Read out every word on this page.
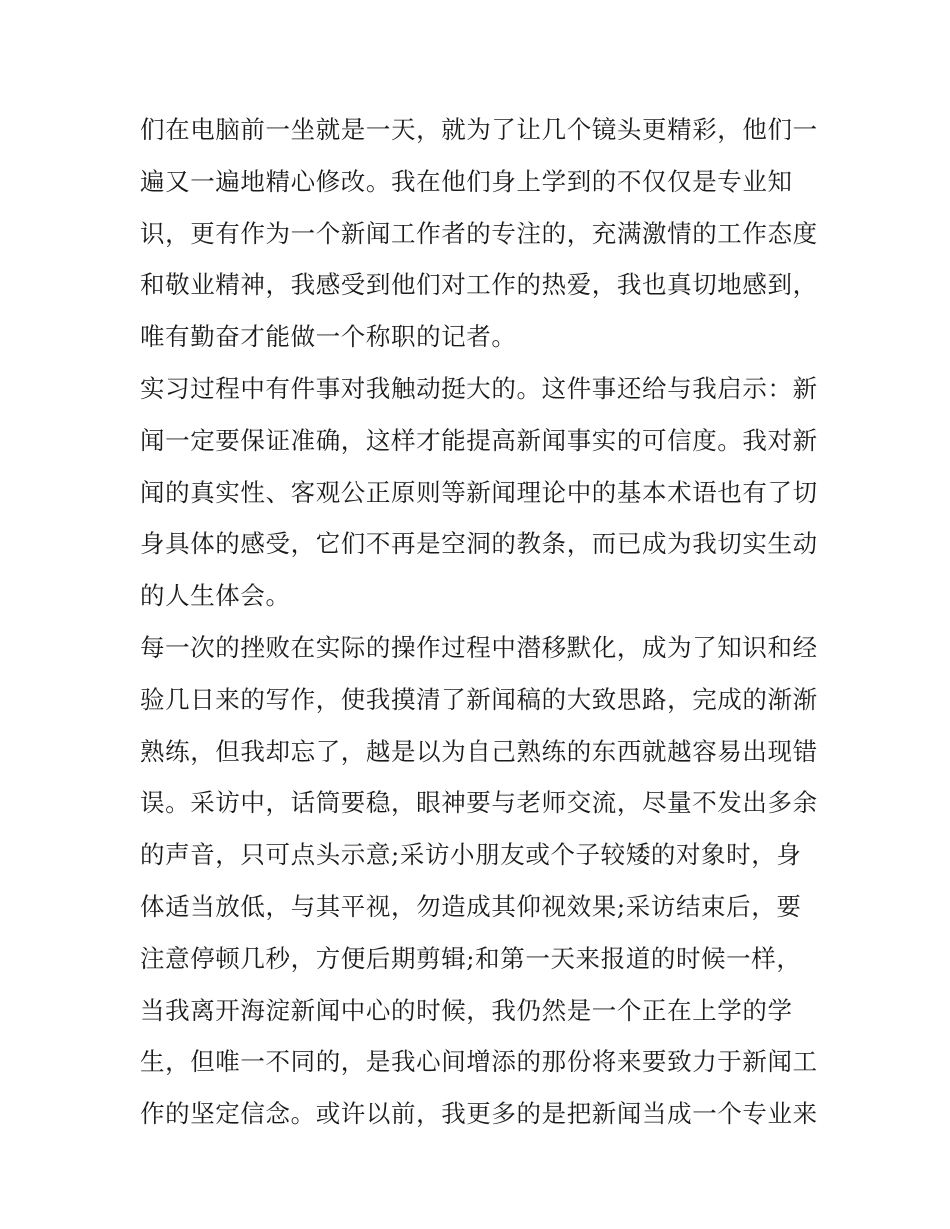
们在电脑前一坐就是一天，就为了让几个镜头更精彩，他们一

遍又一遍地精心修改。我在他们身上学到的不仅仅是专业知

识，更有作为一个新闻工作者的专注的，充满激情的工作态度

和敬业精神，我感受到他们对工作的热爱，我也真切地感到，

唯有勤奋才能做一个称职的记者。

实习过程中有件事对我触动挺大的。这件事还给与我启示：新

闻一定要保证准确，这样才能提高新闻事实的可信度。我对新

闻的真实性、客观公正原则等新闻理论中的基本术语也有了切

身具体的感受，它们不再是空洞的教条，而已成为我切实生动

的人生体会。

每一次的挫败在实际的操作过程中潜移默化，成为了知识和经

验几日来的写作，使我摸清了新闻稿的大致思路，完成的渐渐

熟练，但我却忘了，越是以为自己熟练的东西就越容易出现错

误。采访中，话筒要稳，眼神要与老师交流，尽量不发出多余

的声音，只可点头示意;采访小朋友或个子较矮的对象时，身

体适当放低，与其平视，勿造成其仰视效果;采访结束后，要

注意停顿几秒，方便后期剪辑;和第一天来报道的时候一样，

当我离开海淀新闻中心的时候，我仍然是一个正在上学的学

生，但唯一不同的，是我心间增添的那份将来要致力于新闻工

作的坚定信念。或许以前，我更多的是把新闻当成一个专业来
